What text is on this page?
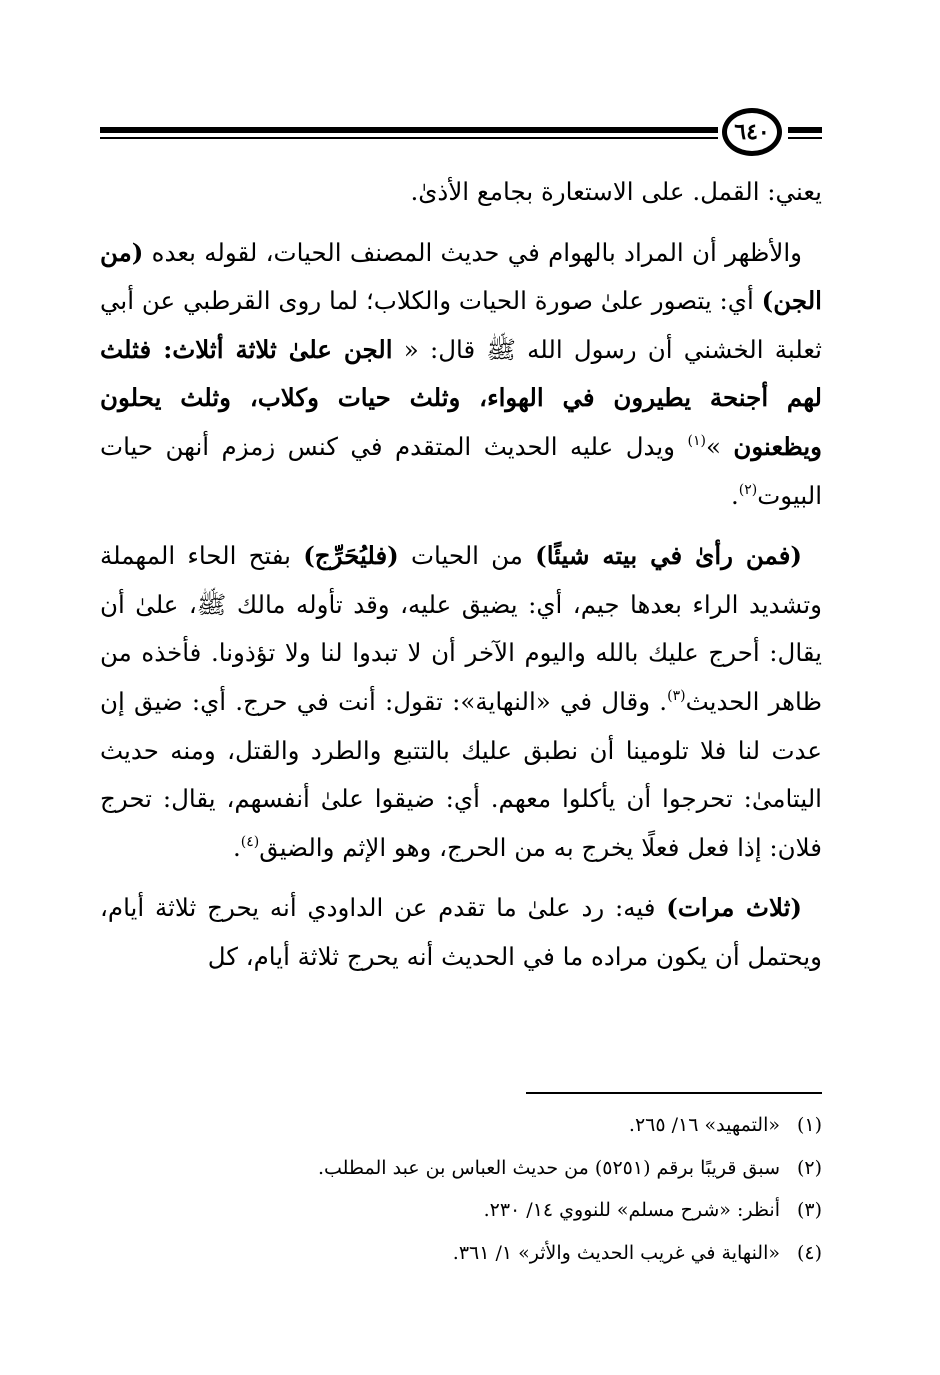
٦٤٠

يعني: القمل. على الاستعارة بجامع الأذىٰ.

والأظهر أن المراد بالهوام في حديث المصنف الحيات، لقوله بعده (من الجن) أي: يتصور علىٰ صورة الحيات والكلاب؛ لما روى القرطبي عن أبي ثعلبة الخشني أن رسول الله ﷺ قال: « الجن علىٰ ثلاثة أثلاث: فثلث لهم أجنحة يطيرون في الهواء، وثلث حيات وكلاب، وثلث يحلون ويظعنون »$^{(١)}$ ويدل عليه الحديث المتقدم في كنس زمزم أنهن حيات البيوت$^{(٢)}$.

(فمن رأىٰ في بيته شيئًا) من الحيات (فليُحَرِّج) بفتح الحاء المهملة وتشديد الراء بعدها جيم، أي: يضيق عليه، وقد تأوله مالك ﷺ، علىٰ أن يقال: أحرج عليك بالله واليوم الآخر أن لا تبدوا لنا ولا تؤذونا. فأخذه من ظاهر الحديث$^{(٣)}$. وقال في «النهاية»: تقول: أنت في حرج. أي: ضيق إن عدت لنا فلا تلومينا أن نطبق عليك بالتتبع والطرد والقتل، ومنه حديث اليتامىٰ: تحرجوا أن يأكلوا معهم. أي: ضيقوا علىٰ أنفسهم، يقال: تحرج فلان: إذا فعل فعلًا يخرج به من الحرج، وهو الإثم والضيق$^{(٤)}$.

(ثلاث مرات) فيه: رد علىٰ ما تقدم عن الداودي أنه يحرج ثلاثة أيام، ويحتمل أن يكون مراده ما في الحديث أنه يحرج ثلاثة أيام، كل

(١)«التمهيد» ١٦/ ٢٦٥.
(٢)سبق قريبًا برقم (٥٢٥١) من حديث العباس بن عبد المطلب.
(٣)أنظر: «شرح مسلم» للنووي ١٤/ ٢٣٠.
(٤)«النهاية في غريب الحديث والأثر» ١/ ٣٦١.
